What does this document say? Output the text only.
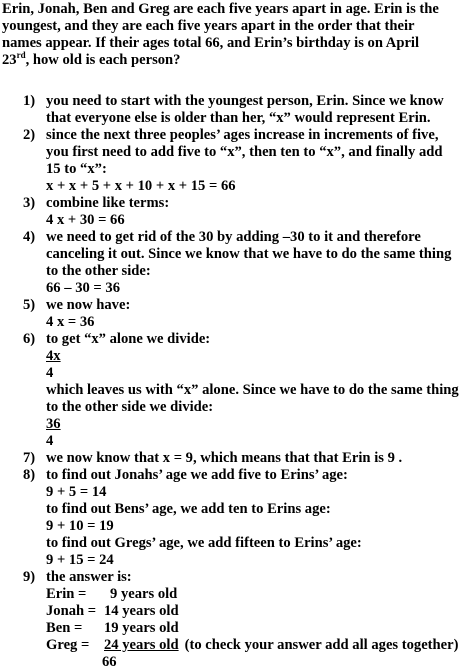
Erin, Jonah, Ben and Greg are each five years apart in age. Erin is the
youngest, and they are each five years apart in the order that their
names appear. If their ages total 66, and Erin’s birthday is on April
23rd, how old is each person?
1) you need to start with the youngest person, Erin. Since we know
that everyone else is older than her, “x” would represent Erin.
2) since the next three peoples’ ages increase in increments of five,
you first need to add five to “x”, then ten to “x”, and finally add
15 to “x”:
x + x + 5 + x + 10 + x + 15 = 66
3) combine like terms:
4 x + 30 = 66
4) we need to get rid of the 30 by adding –30 to it and therefore
canceling it out. Since we know that we have to do the same thing
to the other side:
66 – 30 = 36
5) we now have:
4 x = 36
6) to get “x” alone we divide:
4x
4
which leaves us with “x” alone. Since we have to do the same thing
to the other side we divide:
36
4
7) we now know that x = 9, which means that that Erin is 9 .
8) to find out Jonahs’ age we add five to Erins’ age:
9 + 5 = 14
to find out Bens’ age, we add ten to Erins age:
9 + 10 = 19
to find out Gregs’ age, we add fifteen to Erins’ age:
9 + 15 = 24
9) the answer is:
Erin = 9 years old
Jonah = 14 years old
Ben = 19 years old
Greg = 24 years old (to check your answer add all ages together)
66
